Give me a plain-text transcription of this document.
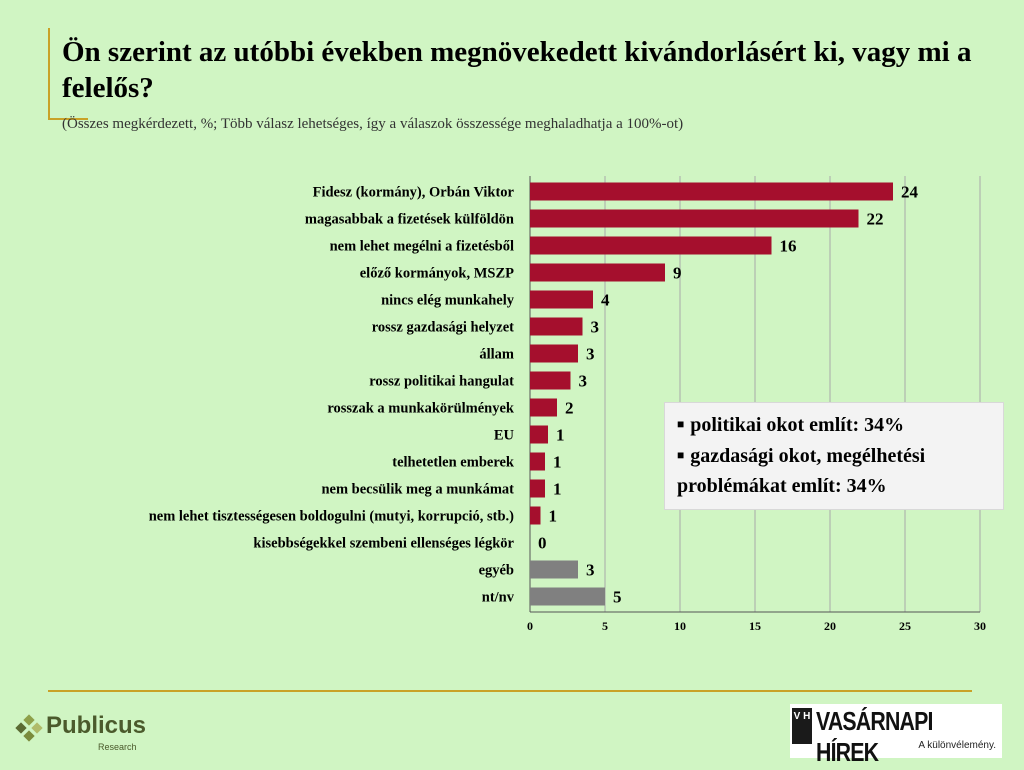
Ön szerint az utóbbi években megnövekedett kivándorlásért ki, vagy mi a felelős?
(Összes megkérdezett, %; Több válasz lehetséges, így a válaszok összessége meghaladhatja a 100%-ot)
0	5	10	15	20	25	30
Fidesz (kormány), Orbán Viktor	24
magasabbak a fizetések külföldön	22
nem lehet megélni a fizetésből	16
előző kormányok, MSZP	9
nincs elég munkahely	4
rossz gazdasági helyzet	3
állam	3
rossz politikai hangulat	3
rosszak a munkakörülmények	2
EU 1
telhetetlen emberek 1
nem becsülik meg a munkámat 1
nem lehet tisztességesen boldogulni (mutyi, korrupció, stb.) 1
kisebbségekkel szembeni ellenséges légkör 0
egyéb	3
nt/nv	5
■ politikai okot említ: 34%
■ gazdasági okot, megélhetési
problémákat említ: 34%
Publicus
Research
V H VASÁRNAPI HÍREK	A különvélemény.
